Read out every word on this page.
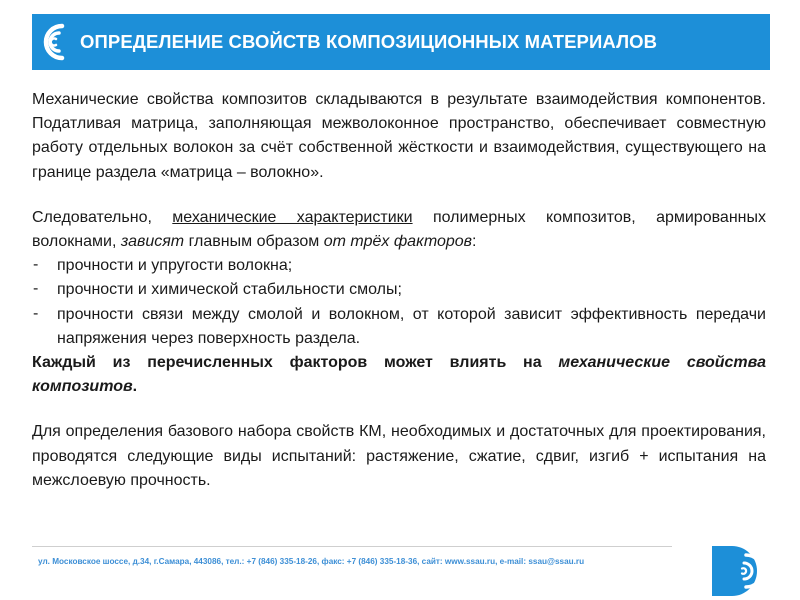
ОПРЕДЕЛЕНИЕ СВОЙСТВ КОМПОЗИЦИОННЫХ МАТЕРИАЛОВ

Механические свойства композитов складываются в результате взаимодействия компонентов. Податливая матрица, заполняющая межволоконное пространство, обеспечивает совместную работу отдельных волокон за счёт собственной жёсткости и взаимодействия, существующего на границе раздела «матрица – волокно».

Следовательно, механические характеристики полимерных композитов, армированных волокнами, зависят главным образом от трёх факторов:

- прочности и упругости волокна;
- прочности и химической стабильности смолы;
- прочности связи между смолой и волокном, от которой зависит эффективность передачи напряжения через поверхность раздела.

Каждый из перечисленных факторов может влиять на механические свойства композитов.

Для определения базового набора свойств КМ, необходимых и достаточных для проектирования, проводятся следующие виды испытаний: растяжение, сжатие, сдвиг, изгиб + испытания на межслоевую прочность.

ул. Московское шоссе, д.34, г.Самара, 443086, тел.: +7 (846) 335-18-26, факс: +7 (846) 335-18-36, сайт: www.ssau.ru, e-mail: ssau@ssau.ru
